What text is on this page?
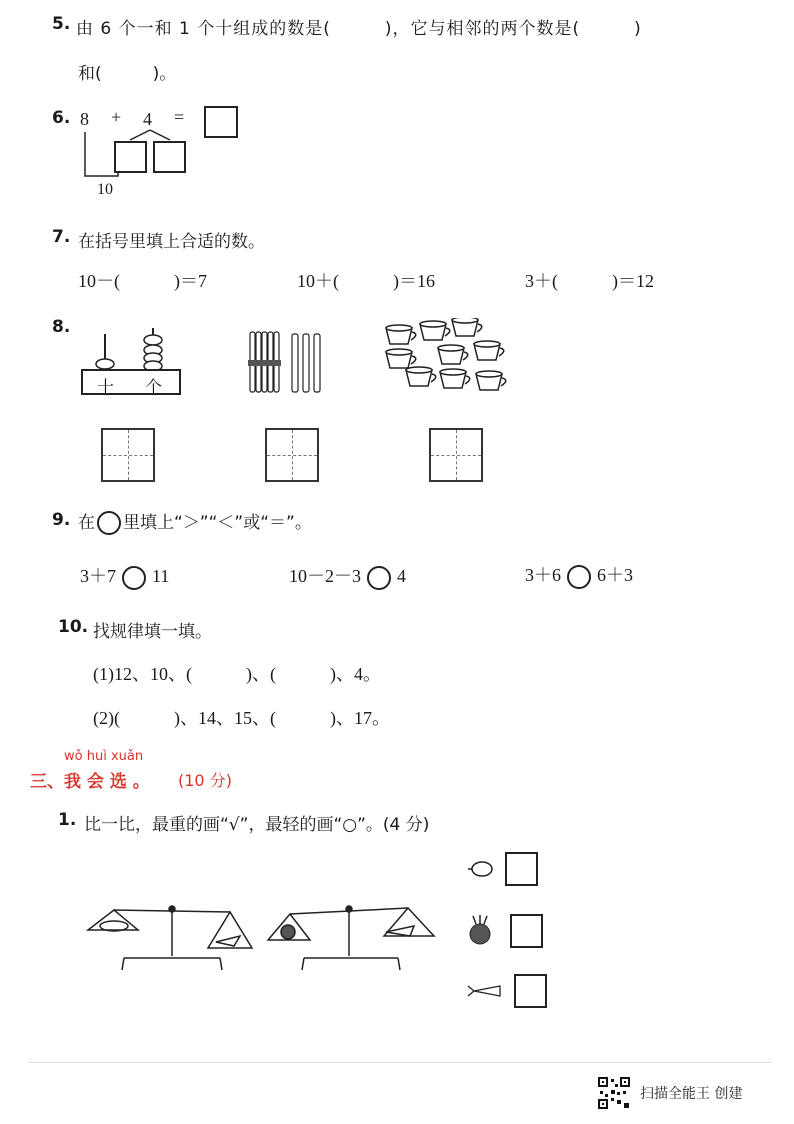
5. 由 6 个一和 1 个十组成的数是(　　　)，它与相邻的两个数是(　　　)
和(　　　)。
6. 8 + 4 =
10
7. 在括号里填上合适的数。
10－(　　　)＝7	10＋(　　　)＝16	3＋(　　　)＝12
8.
十 个
9. 在 里填上“＞”“＜”或“＝”。
3＋7 11	10－2－3 4	3＋6 6＋3
10. 找规律填一填。
(1)12、10、(　　　)、(　　　)、4。
(2)(　　　)、14、15、(　　　)、17。
wǒ huì xuǎn
三、我 会 选 。 (10 分)
1. 比一比，最重的画“√”，最轻的画“○”。(4 分)
扫描全能王 创建
